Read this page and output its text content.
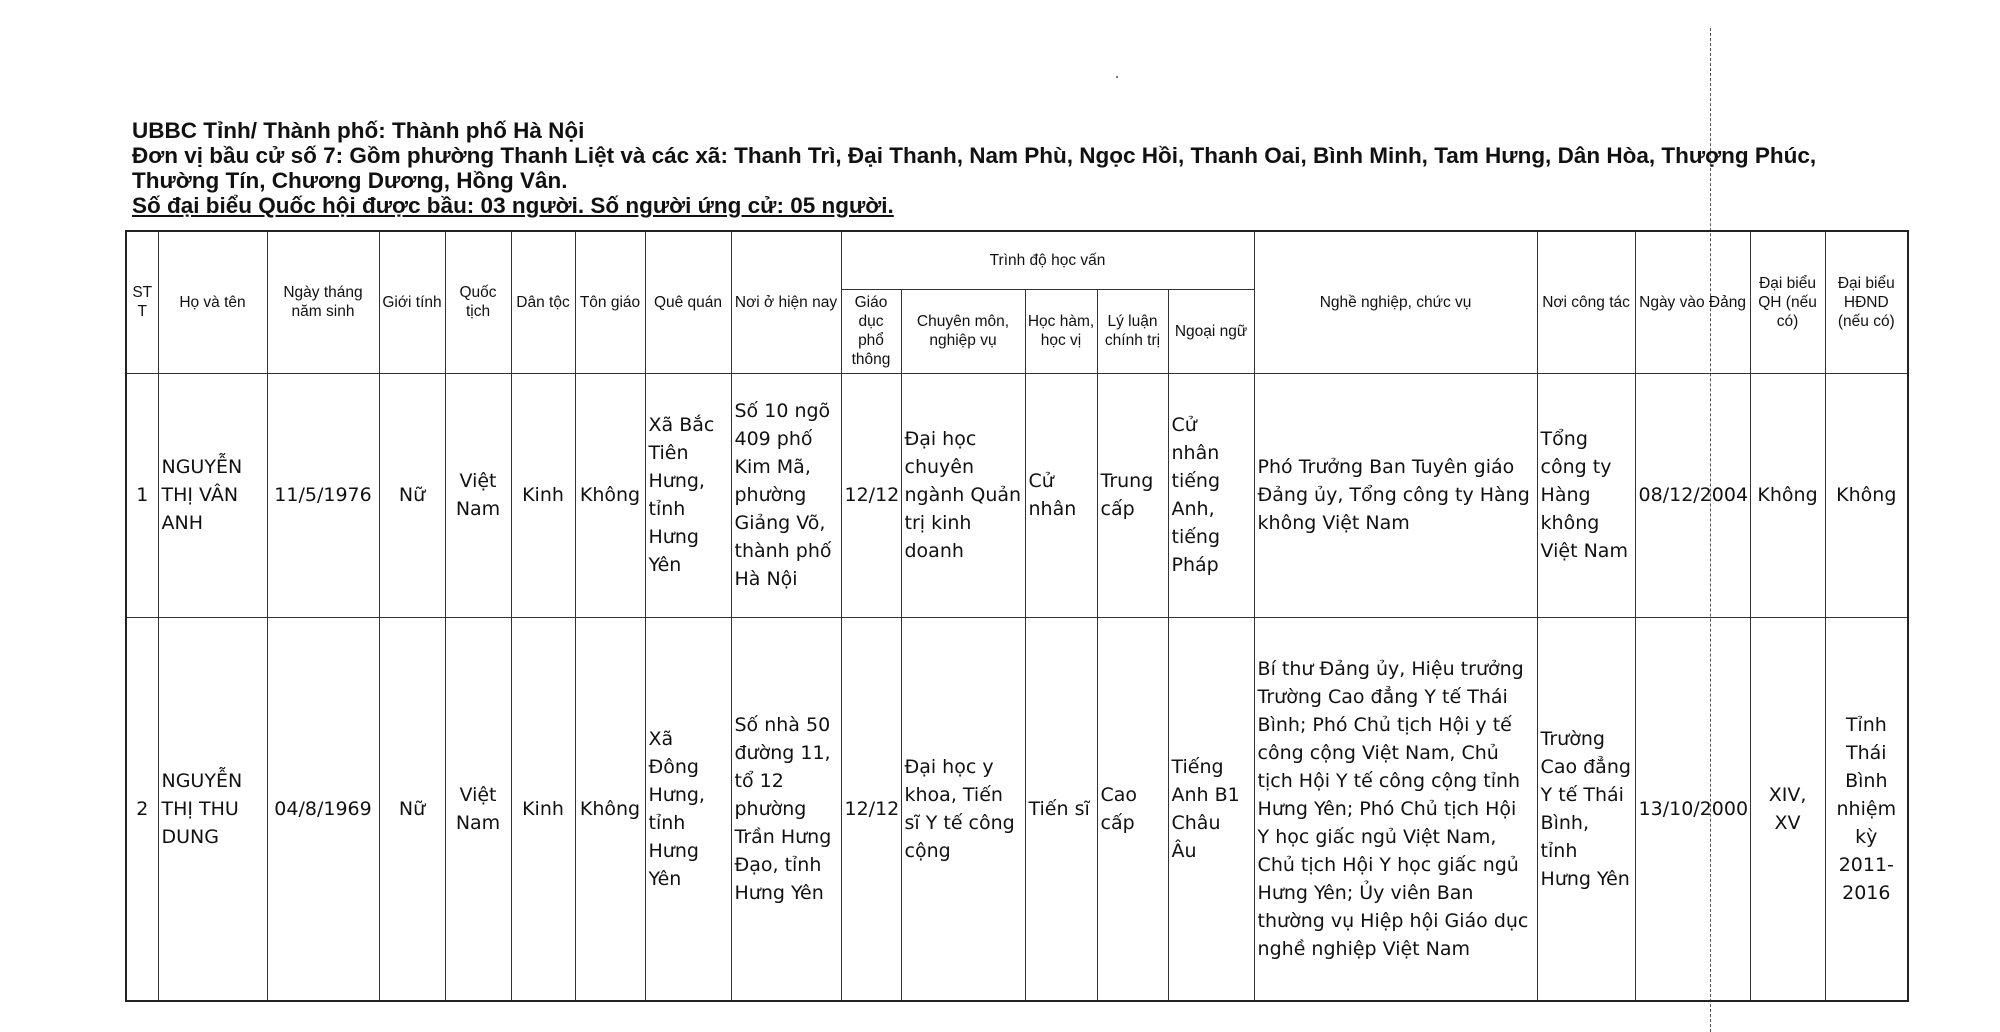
UBBC Tỉnh/ Thành phố: Thành phố Hà Nội

Đơn vị bầu cử số 7: Gồm phường Thanh Liệt và các xã: Thanh Trì, Đại Thanh, Nam Phù, Ngọc Hồi, Thanh Oai, Bình Minh, Tam Hưng, Dân Hòa, Thượng Phúc, Thường Tín, Chương Dương, Hồng Vân.

Số đại biểu Quốc hội được bầu: 03 người. Số người ứng cử: 05 người.

ST T	Họ và tên	Ngày tháng năm sinh	Giới tính	Quốc tịch	Dân tộc	Tôn giáo	Quê quán	Nơi ở hiện nay	Trình độ học vấn					Nghề nghiệp, chức vụ	Nơi công tác	Ngày vào Đảng	Đại biểu QH (nếu có)	Đại biểu HĐND (nếu có)
									Giáo dục phổ thông	Chuyên môn, nghiệp vụ	Học hàm, học vị	Lý luận chính trị	Ngoại ngữ					
1	NGUYỄN THỊ VÂN ANH	11/5/1976	Nữ	Việt Nam	Kinh	Không	Xã Bắc Tiên Hưng, tỉnh Hưng Yên	Số 10 ngõ 409 phố Kim Mã, phường Giảng Võ, thành phố Hà Nội	12/12	Đại học chuyên ngành Quản trị kinh doanh	Cử nhân	Trung cấp	Cử nhân tiếng Anh, tiếng Pháp	Phó Trưởng Ban Tuyên giáo Đảng ủy, Tổng công ty Hàng không Việt Nam	Tổng công ty Hàng không Việt Nam	08/12/2004	Không	Không
2	NGUYỄN THỊ THU DUNG	04/8/1969	Nữ	Việt Nam	Kinh	Không	Xã Đông Hưng, tỉnh Hưng Yên	Số nhà 50 đường 11, tổ 12 phường Trần Hưng Đạo, tỉnh Hưng Yên	12/12	Đại học y khoa, Tiến sĩ Y tế công cộng	Tiến sĩ	Cao cấp	Tiếng Anh B1 Châu Âu	Bí thư Đảng ủy, Hiệu trưởng Trường Cao đẳng Y tế Thái Bình; Phó Chủ tịch Hội y tế công cộng Việt Nam, Chủ tịch Hội Y tế công cộng tỉnh Hưng Yên; Phó Chủ tịch Hội Y học giấc ngủ Việt Nam, Chủ tịch Hội Y học giấc ngủ Hưng Yên; Ủy viên Ban thường vụ Hiệp hội Giáo dục nghề nghiệp Việt Nam	Trường Cao đẳng Y tế Thái Bình, tỉnh Hưng Yên	13/10/2000	XIV, XV	Tỉnh Thái Bình nhiệm kỳ 2011-2016
